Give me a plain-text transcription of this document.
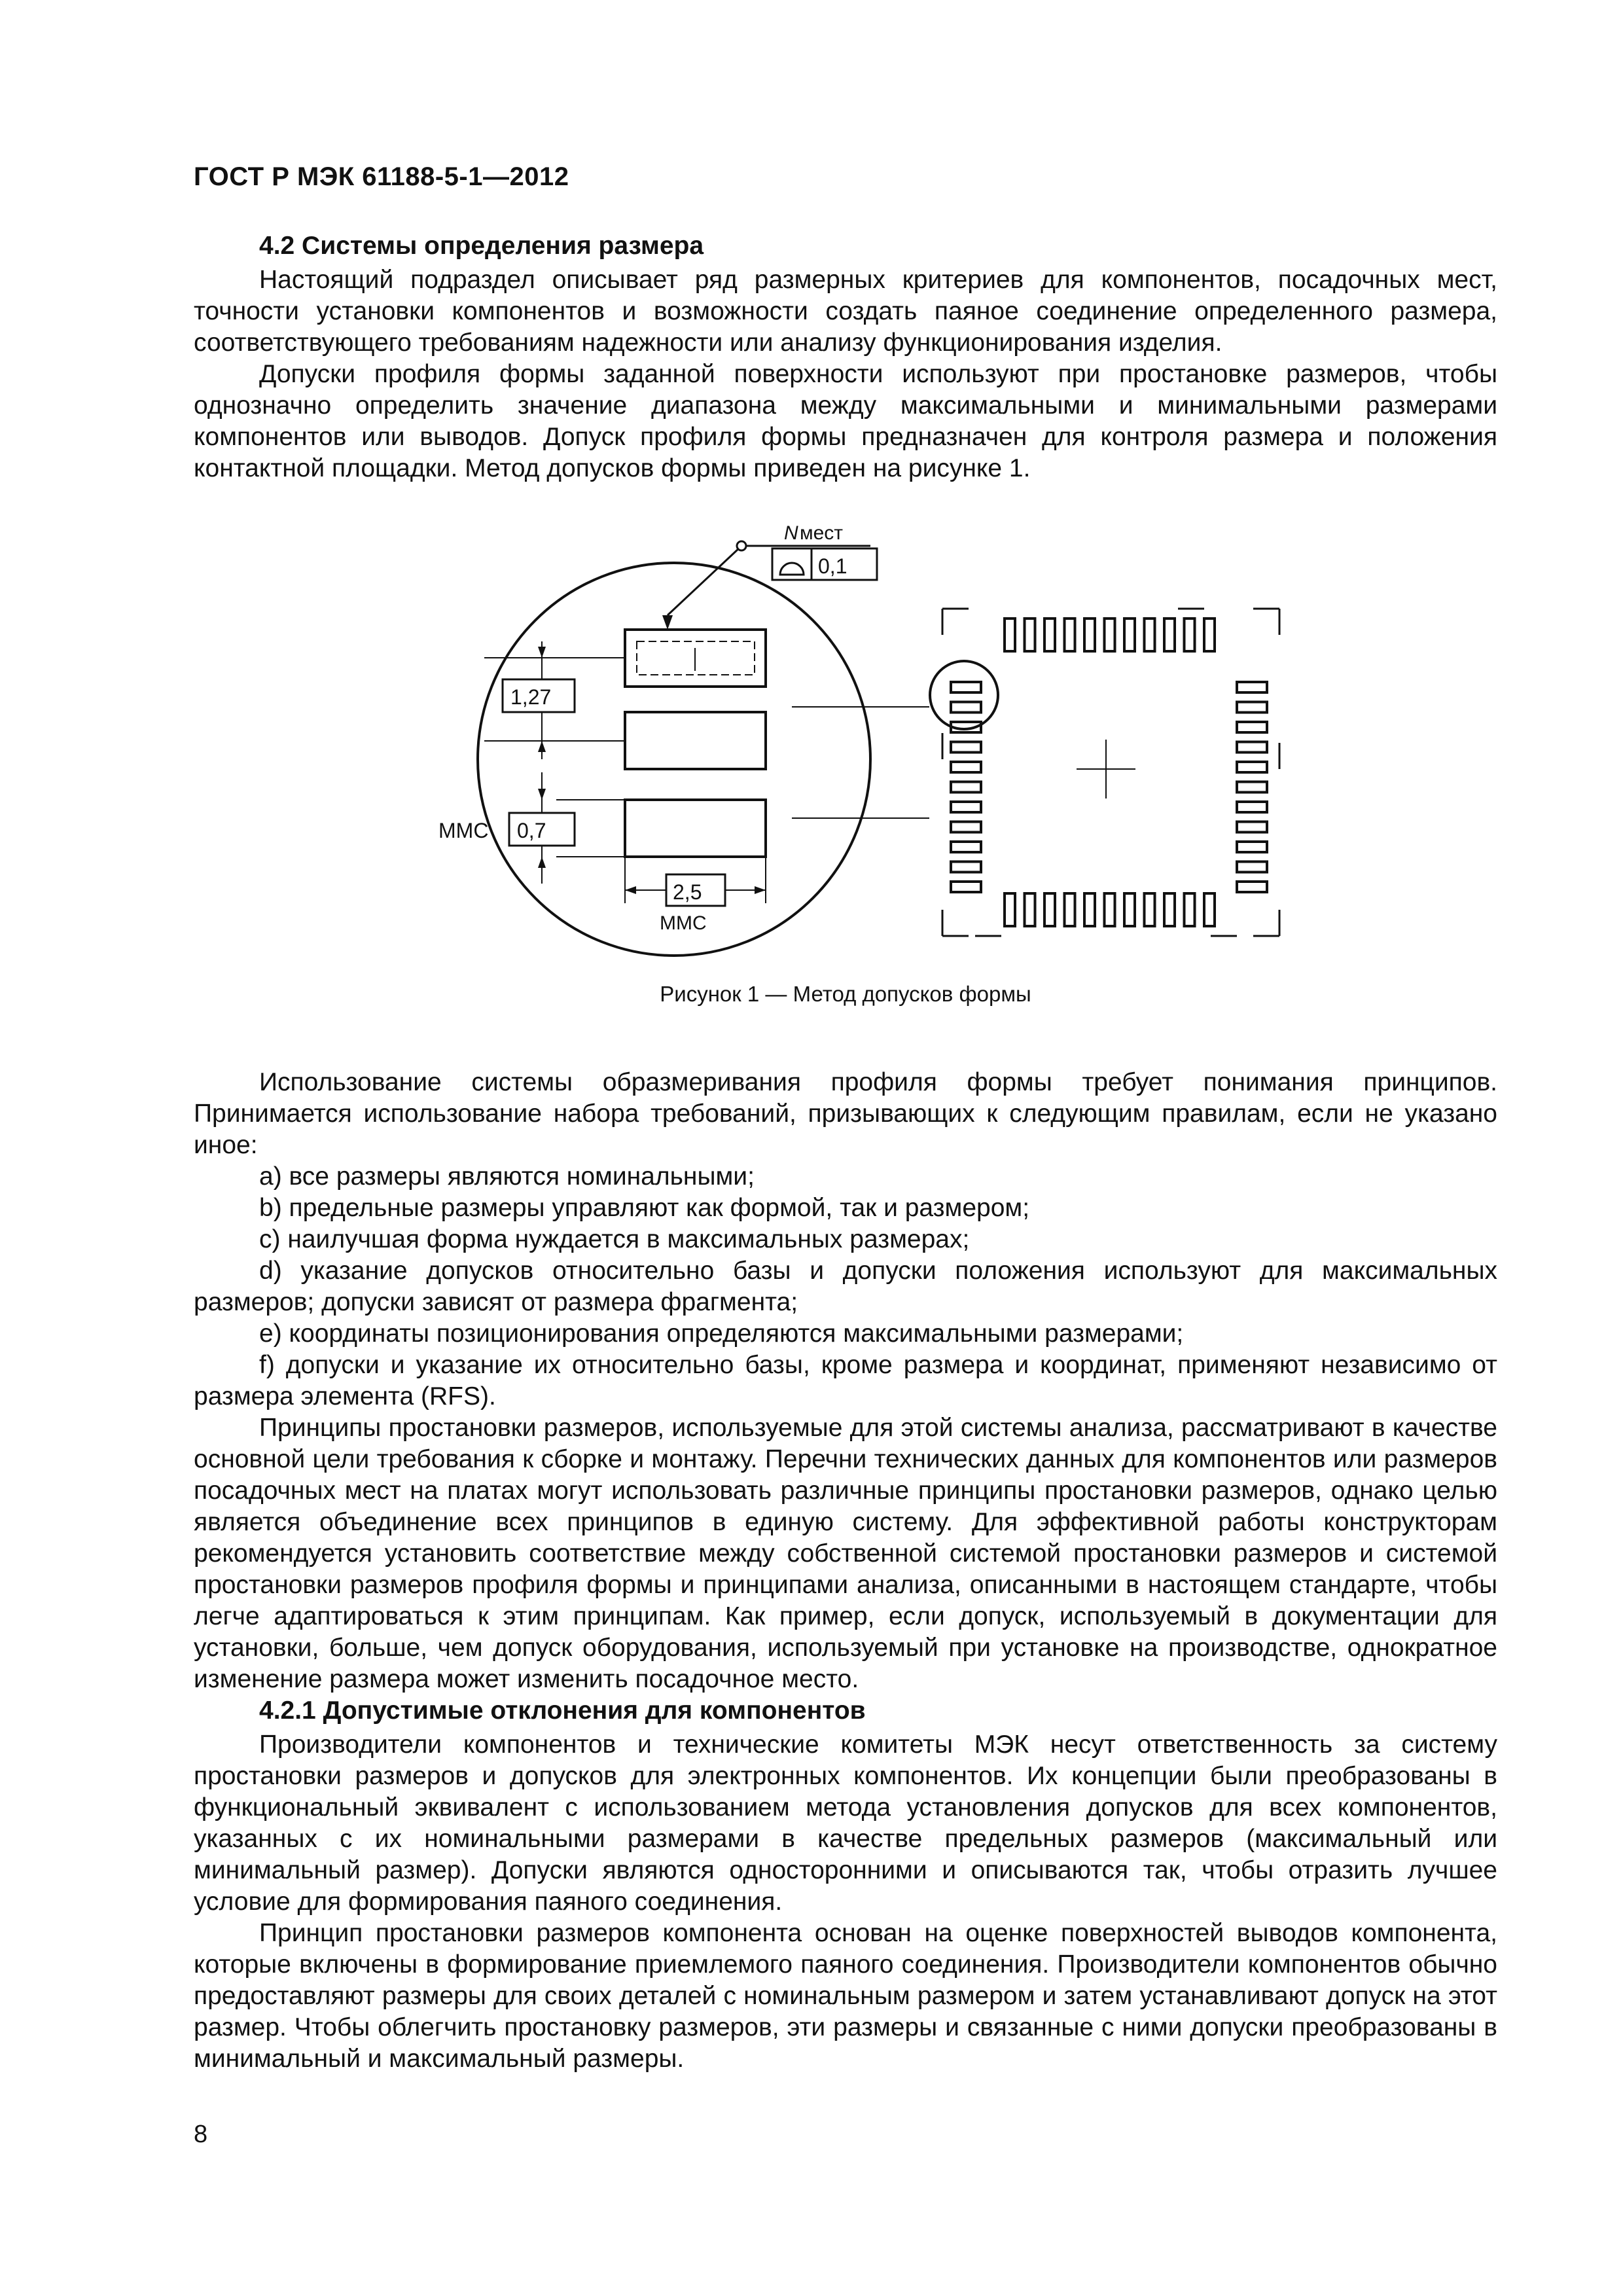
ГОСТ Р МЭК 61188-5-1—2012
4.2 Системы определения размера

Настоящий подраздел описывает ряд размерных критериев для компонентов, посадочных мест, точности установки компонентов и возможности создать паяное соединение определенного размера, соответствующего требованиям надежности или анализу функционирования изделия.

Допуски профиля формы заданной поверхности используют при простановке размеров, чтобы однозначно определить значение диапазона между максимальными и минимальными размерами компонентов или выводов. Допуск профиля формы предназначен для контроля размера и положения контактной площадки. Метод допусков формы приведен на рисунке 1.

N мест
0,1
1,27
ММС 0,7
2,5
ММС
Рисунок 1 — Метод допусков формы

Использование системы образмеривания профиля формы требует понимания принципов. Принимается использование набора требований, призывающих к следующим правилам, если не указано иное:

a) все размеры являются номинальными;
b) предельные размеры управляют как формой, так и размером;
c) наилучшая форма нуждается в максимальных размерах;
d) указание допусков относительно базы и допуски положения используют для максимальных размеров; допуски зависят от размера фрагмента;
e) координаты позиционирования определяются максимальными размерами;
f) допуски и указание их относительно базы, кроме размера и координат, применяют независимо от размера элемента (RFS).

Принципы простановки размеров, используемые для этой системы анализа, рассматривают в качестве основной цели требования к сборке и монтажу. Перечни технических данных для компонентов или размеров посадочных мест на платах могут использовать различные принципы простановки размеров, однако целью является объединение всех принципов в единую систему. Для эффективной работы конструкторам рекомендуется установить соответствие между собственной системой простановки размеров и системой простановки размеров профиля формы и принципами анализа, описанными в настоящем стандарте, чтобы легче адаптироваться к этим принципам. Как пример, если допуск, используемый в документации для установки, больше, чем допуск оборудования, используемый при установке на производстве, однократное изменение размера может изменить посадочное место.

4.2.1 Допустимые отклонения для компонентов

Производители компонентов и технические комитеты МЭК несут ответственность за систему простановки размеров и допусков для электронных компонентов. Их концепции были преобразованы в функциональный эквивалент с использованием метода установления допусков для всех компонентов, указанных с их номинальными размерами в качестве предельных размеров (максимальный или минимальный размер). Допуски являются односторонними и описываются так, чтобы отразить лучшее условие для формирования паяного соединения.

Принцип простановки размеров компонента основан на оценке поверхностей выводов компонента, которые включены в формирование приемлемого паяного соединения. Производители компонентов обычно предоставляют размеры для своих деталей с номинальным размером и затем устанавливают допуск на этот размер. Чтобы облегчить простановку размеров, эти размеры и связанные с ними допуски преобразованы в минимальный и максимальный размеры.

8
